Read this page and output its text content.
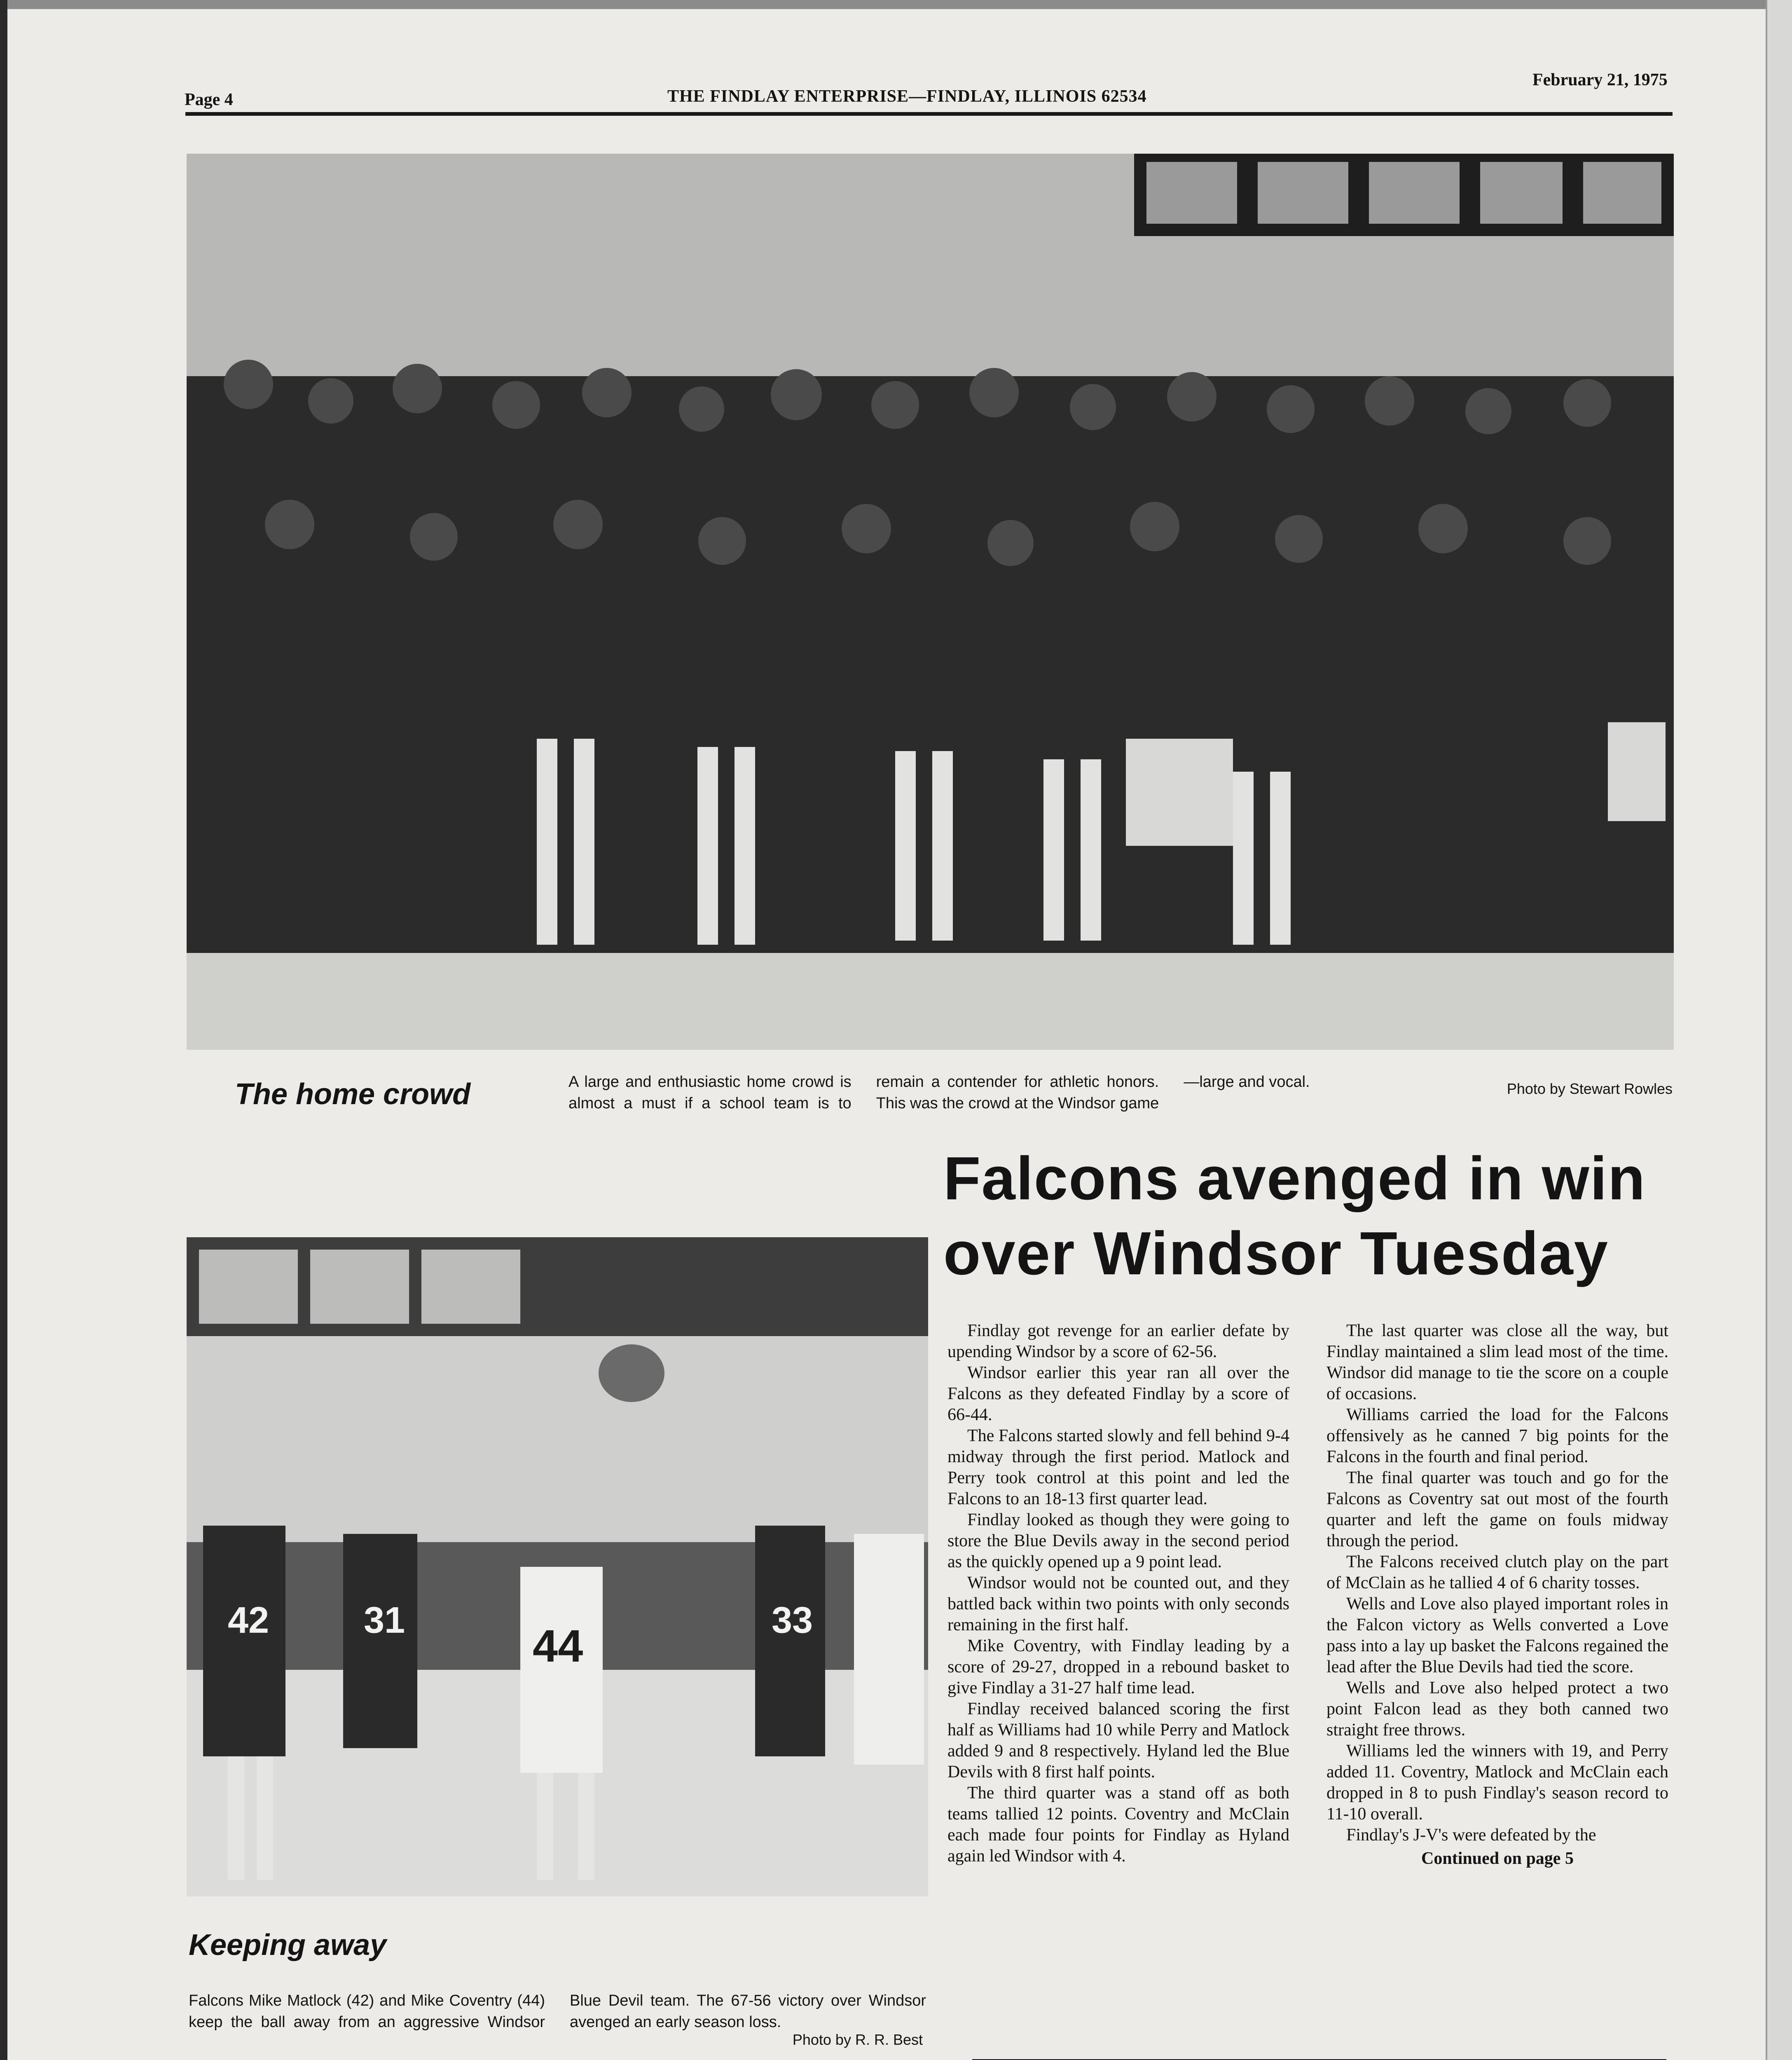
Page 4	THE FINDLAY ENTERPRISE—FINDLAY, ILLINOIS 62534
February 21, 1975
The home crowd	A large and enthusiastic home crowd is almost a must if a school team is to remain a contender for athletic honors. This was the crowd at the Windsor game—large and vocal.	Photo by Stewart Rowles
42	31	33
44
Keeping away

Falcons Mike Matlock (42) and Mike Coventry (44) keep the ball away from an aggressive Windsor Blue Devil team. The 67-56 victory over Windsor avenged an early season loss.

Photo by R. R. Best

Falcons avenged in win

over Windsor Tuesday

Findlay got revenge for an earlier defate by upending Windsor by a score of 62-56.

Windsor earlier this year ran all over the Falcons as they defeated Findlay by a score of 66-44.

The Falcons started slowly and fell behind 9-4 midway through the first period. Matlock and Perry took control at this point and led the Falcons to an 18-13 first quarter lead.

Findlay looked as though they were going to store the Blue Devils away in the second period as the quickly opened up a 9 point lead.

Windsor would not be counted out, and they battled back within two points with only seconds remaining in the first half.

Mike Coventry, with Findlay leading by a score of 29-27, dropped in a rebound basket to give Findlay a 31-27 half time lead.

Findlay received balanced scoring the first half as Williams had 10 while Perry and Matlock added 9 and 8 respectively. Hyland led the Blue Devils with 8 first half points.

The third quarter was a stand off as both teams tallied 12 points. Coventry and McClain each made four points for Findlay as Hyland again led Windsor with 4.

The last quarter was close all the way, but Findlay maintained a slim lead most of the time. Windsor did manage to tie the score on a couple of occasions.

Williams carried the load for the Falcons offensively as he canned 7 big points for the Falcons in the fourth and final period.

The final quarter was touch and go for the Falcons as Coventry sat out most of the fourth quarter and left the game on fouls midway through the period.

The Falcons received clutch play on the part of McClain as he tallied 4 of 6 charity tosses.

Wells and Love also played important roles in the Falcon victory as Wells converted a Love pass into a lay up basket the Falcons regained the lead after the Blue Devils had tied the score.

Wells and Love also helped protect a two point Falcon lead as they both canned two straight free throws.

Williams led the winners with 19, and Perry added 11. Coventry, Matlock and McClain each dropped in 8 to push Findlay's season record to 11-10 overall.

Findlay's J-V's were defeated by the

Continued on page 5
